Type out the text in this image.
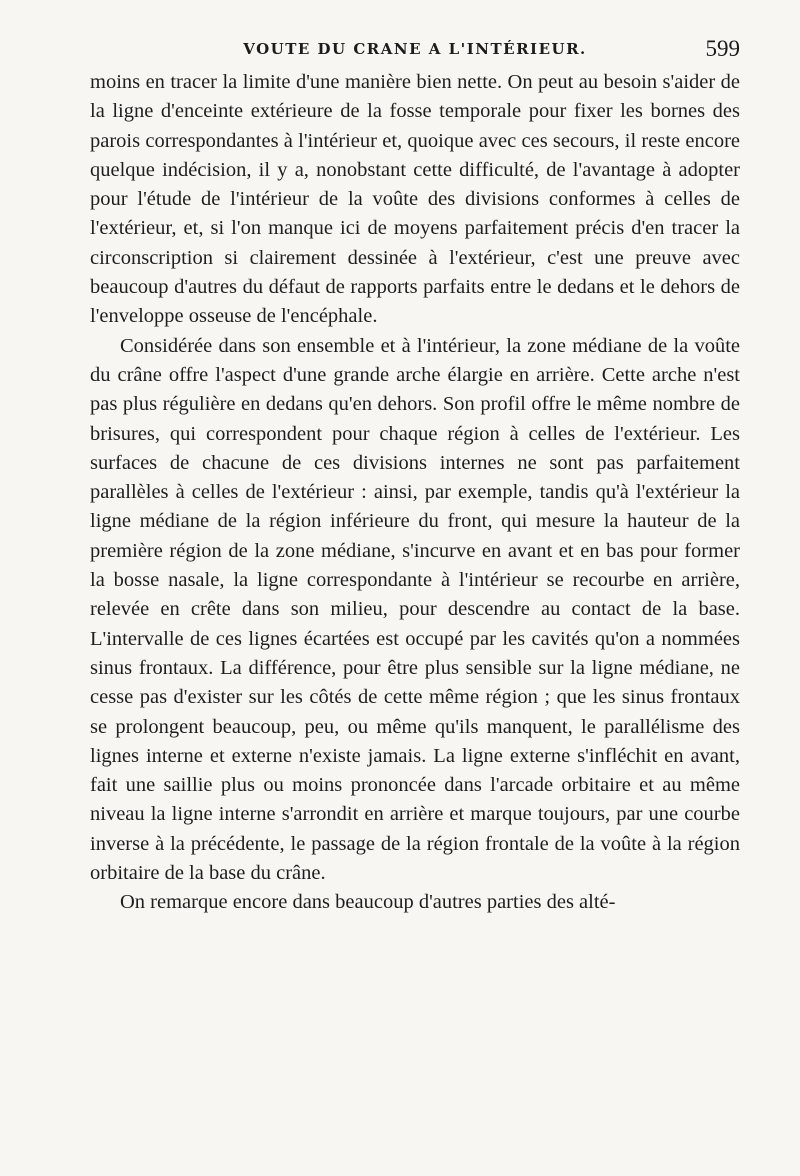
VOUTE DU CRANE A L'INTÉRIEUR.	599

moins en tracer la limite d'une manière bien nette. On peut au besoin s'aider de la ligne d'enceinte extérieure de la fosse temporale pour fixer les bornes des parois correspondantes à l'intérieur et, quoique avec ces secours, il reste encore quelque indécision, il y a, nonobstant cette difficulté, de l'avantage à adopter pour l'étude de l'intérieur de la voûte des divisions conformes à celles de l'extérieur, et, si l'on manque ici de moyens parfaitement précis d'en tracer la circonscription si clairement dessinée à l'extérieur, c'est une preuve avec beaucoup d'autres du défaut de rapports parfaits entre le dedans et le dehors de l'enveloppe osseuse de l'encéphale.

Considérée dans son ensemble et à l'intérieur, la zone médiane de la voûte du crâne offre l'aspect d'une grande arche élargie en arrière. Cette arche n'est pas plus régulière en dedans qu'en dehors. Son profil offre le même nombre de brisures, qui correspondent pour chaque région à celles de l'extérieur. Les surfaces de chacune de ces divisions internes ne sont pas parfaitement parallèles à celles de l'extérieur : ainsi, par exemple, tandis qu'à l'extérieur la ligne médiane de la région inférieure du front, qui mesure la hauteur de la première région de la zone médiane, s'incurve en avant et en bas pour former la bosse nasale, la ligne correspondante à l'intérieur se recourbe en arrière, relevée en crête dans son milieu, pour descendre au contact de la base. L'intervalle de ces lignes écartées est occupé par les cavités qu'on a nommées sinus frontaux. La différence, pour être plus sensible sur la ligne médiane, ne cesse pas d'exister sur les côtés de cette même région ; que les sinus frontaux se prolongent beaucoup, peu, ou même qu'ils manquent, le parallélisme des lignes interne et externe n'existe jamais. La ligne externe s'infléchit en avant, fait une saillie plus ou moins prononcée dans l'arcade orbitaire et au même niveau la ligne interne s'arrondit en arrière et marque toujours, par une courbe inverse à la précédente, le passage de la région frontale de la voûte à la région orbitaire de la base du crâne.

On remarque encore dans beaucoup d'autres parties des alté-
